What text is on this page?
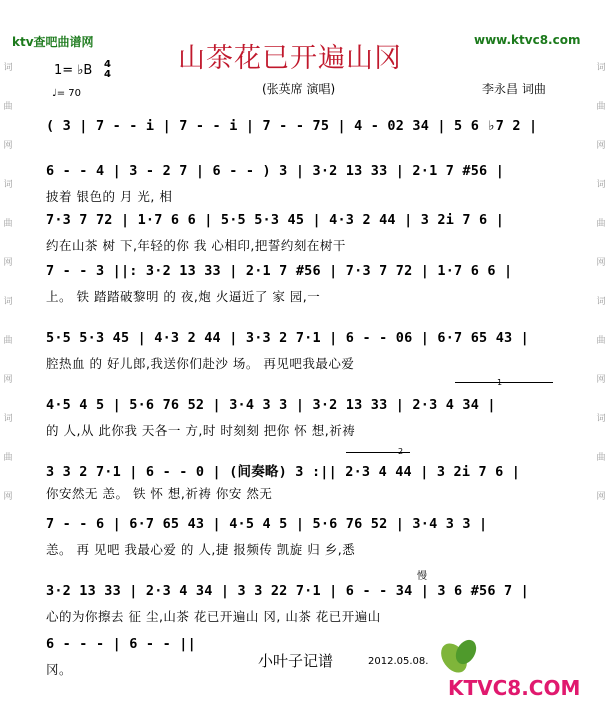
ktv查吧曲谱网	www.ktvc8.com
山茶花已开遍山冈
1= ♭B 4
4
♩= 70	(张英席 演唱)	李永昌 词曲
词
曲
网
词
曲
网
词
曲
网
词
曲
网
词
曲
网
词
曲
网
词
曲
网
词
曲
网
( 3 | 7 - - i | 7 - - i | 7 - - 75 | 4 - 02 34 | 5 6 ♭7 2 |
6 - - 4 | 3 - 2 7 | 6 - - ) 3 | 3·2 13 33 | 2·1 7 #56 |
披着 银色的 月 光, 相
7·3 7 72 | 1·7 6 6 | 5·5 5·3 45 | 4·3 2 44 | 3 2i 7 6 |
约在山茶 树 下,年轻的你 我 心相印,把誓约刻在树干
7 - - 3 ||: 3·2 13 33 | 2·1 7 #56 | 7·3 7 72 | 1·7 6 6 |
上。 铁 踏踏破黎明 的 夜,炮 火逼近了 家 园,一
5·5 5·3 45 | 4·3 2 44 | 3·3 2 7·1 | 6 - - 06 | 6·7 65 43 |
腔热血 的 好儿郎,我送你们赴沙 场。 再见吧我最心爱
4·5 4 5 | 5·6 76 52 | 3·4 3 3 | 3·2 13 33 | 2·3 4 34 |
的 人,从 此你我 天各一 方,时 时刻刻 把你 怀 想,祈祷
3 3 2 7·1 | 6 - - 0 | (间奏略) 3 :|| 2·3 4 44 | 3 2i 7 6 |
你安然无 恙。 铁 怀 想,祈祷 你安 然无
7 - - 6 | 6·7 65 43 | 4·5 4 5 | 5·6 76 52 | 3·4 3 3 |
恙。 再 见吧 我最心爱 的 人,捷 报频传 凯旋 归 乡,悉
3·2 13 33 | 2·3 4 34 | 3 3 22 7·1 | 6 - - 34 | 3 6 #56 7 |
心的为你擦去 征 尘,山茶 花已开遍山 冈, 山茶 花已开遍山
6 - - - | 6 - - ||
冈。
慢
1
2
小叶子记谱	2012.05.08.
KTVC8.COM
